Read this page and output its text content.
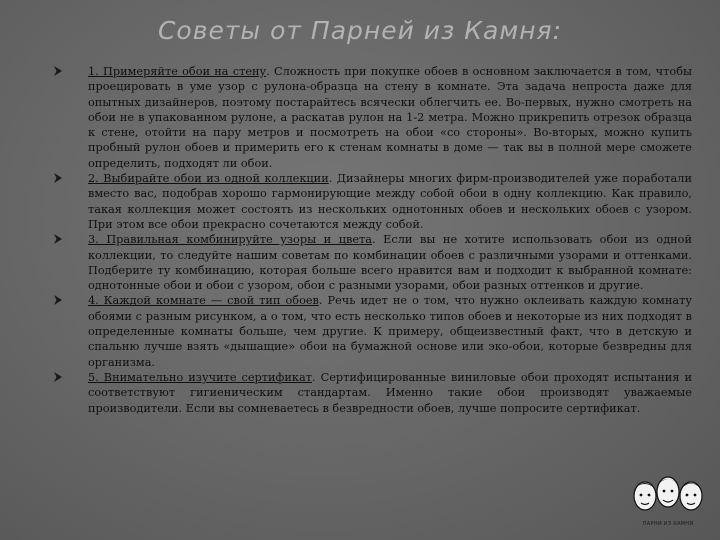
Советы от Парней из Камня:
1. Примеряйте обои на стену. Сложность при покупке обоев в основном заключается в том, чтобы проецировать в уме узор с рулона-образца на стену в комнате. Эта задача непроста даже для опытных дизайнеров, поэтому постарайтесь всячески облегчить ее. Во-первых, нужно смотреть на обои не в упакованном рулоне, а раскатав рулон на 1-2 метра. Можно прикрепить отрезок образца к стене, отойти на пару метров и посмотреть на обои «со стороны». Во-вторых, можно купить пробный рулон обоев и примерить его к стенам комнаты в доме — так вы в полной мере сможете определить, подходят ли обои.
2. Выбирайте обои из одной коллекции. Дизайнеры многих фирм-производителей уже поработали вместо вас, подобрав хорошо гармонирующие между собой обои в одну коллекцию. Как правило, такая коллекция может состоять из нескольких однотонных обоев и нескольких обоев с узором. При этом все обои прекрасно сочетаются между собой.
3. Правильная комбинируйте узоры и цвета. Если вы не хотите использовать обои из одной коллекции, то следуйте нашим советам по комбинации обоев с различными узорами и оттенками. Подберите ту комбинацию, которая больше всего нравится вам и подходит к выбранной комнате: однотонные обои и обои с узором, обои с разными узорами, обои разных оттенков и другие.
4. Каждой комнате — свой тип обоев. Речь идет не о том, что нужно оклеивать каждую комнату обоями с разным рисунком, а о том, что есть несколько типов обоев и некоторые из них подходят в определенные комнаты больше, чем другие. К примеру, общеизвестный факт, что в детскую и спальню лучше взять «дышащие» обои на бумажной основе или эко-обои, которые безвредны для организма.
5. Внимательно изучите сертификат. Сертифицированные виниловые обои проходят испытания и соответствуют гигиеническим стандартам. Именно такие обои производят уважаемые производители. Если вы сомневаетесь в безвредности обоев, лучше попросите сертификат.
ПАРНИ ИЗ КАМНЯ
